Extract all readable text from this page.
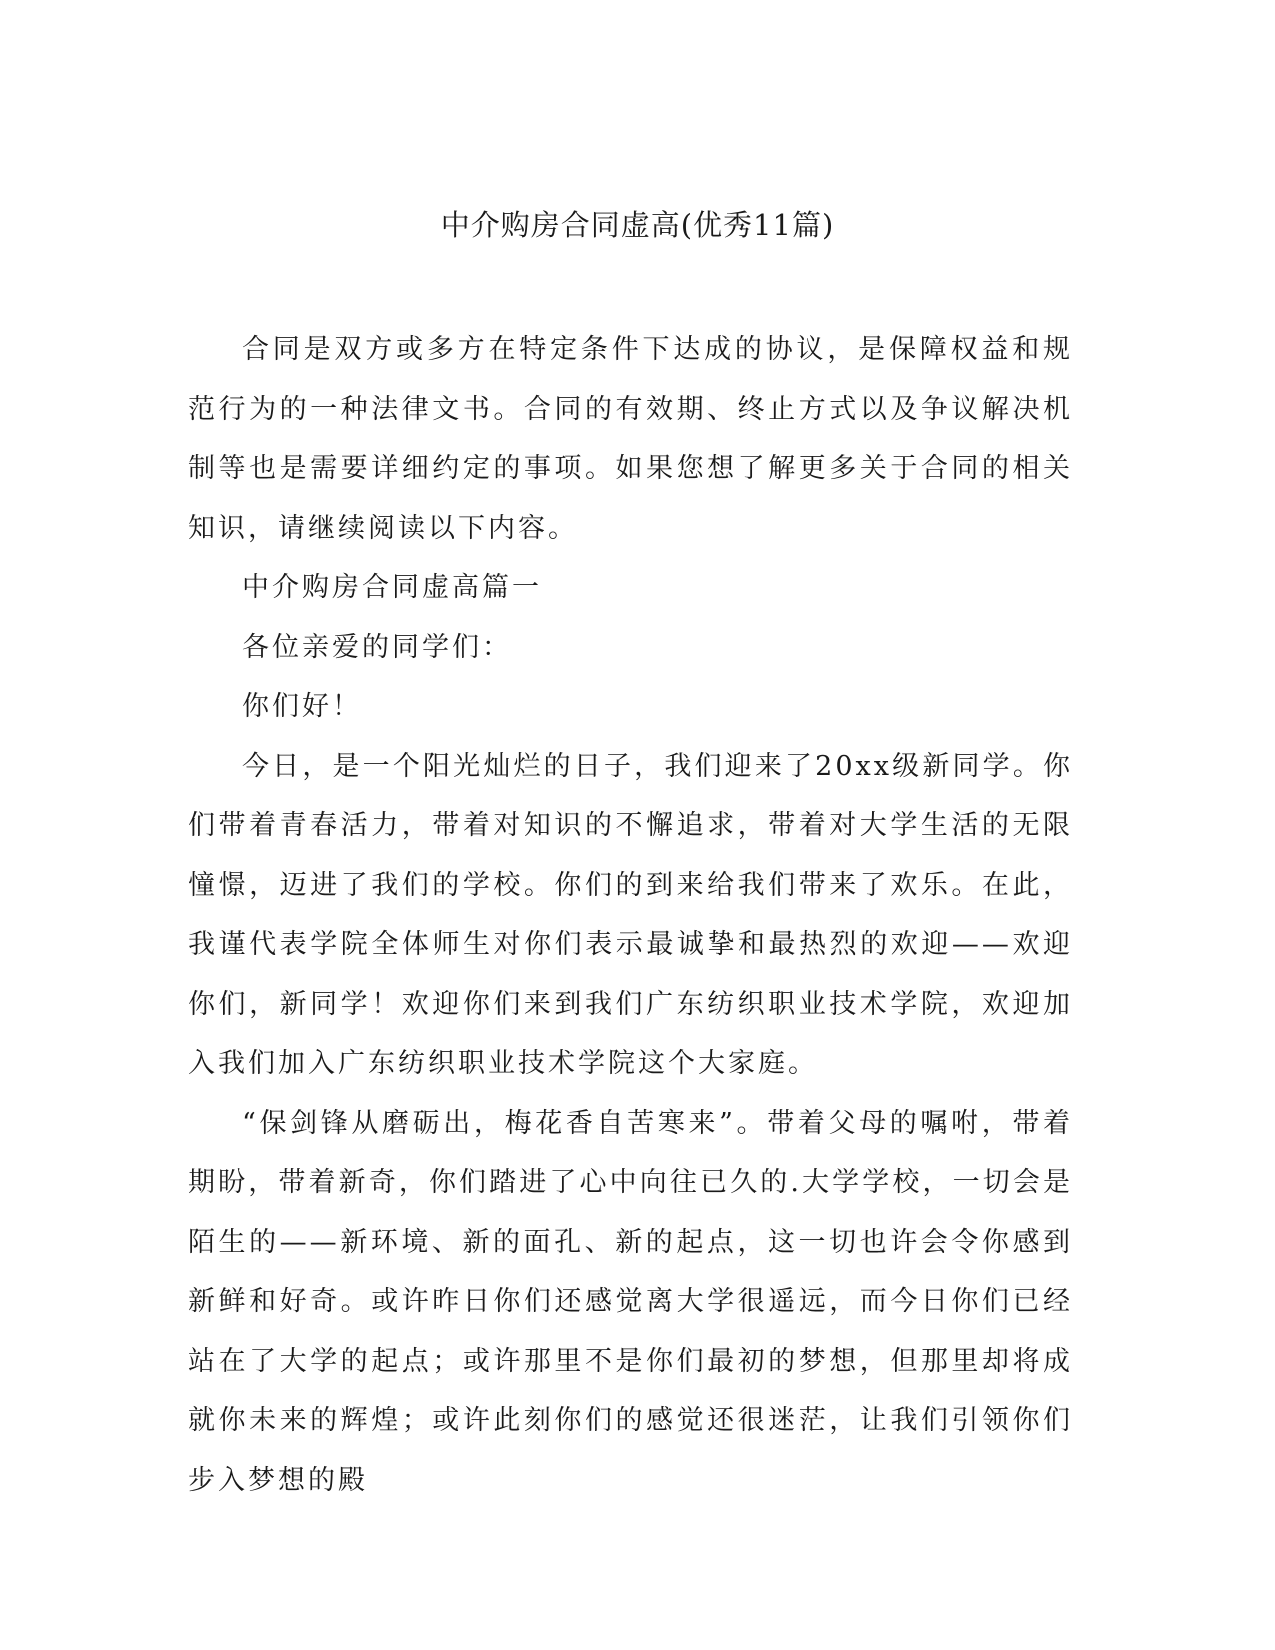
中介购房合同虚高(优秀11篇)

合同是双方或多方在特定条件下达成的协议，是保障权益和规范行为的一种法律文书。合同的有效期、终止方式以及争议解决机制等也是需要详细约定的事项。如果您想了解更多关于合同的相关知识，请继续阅读以下内容。

中介购房合同虚高篇一

各位亲爱的同学们：

你们好！

今日，是一个阳光灿烂的日子，我们迎来了20xx级新同学。你们带着青春活力，带着对知识的不懈追求，带着对大学生活的无限憧憬，迈进了我们的学校。你们的到来给我们带来了欢乐。在此，我谨代表学院全体师生对你们表示最诚挚和最热烈的欢迎——欢迎你们，新同学！欢迎你们来到我们广东纺织职业技术学院，欢迎加入我们加入广东纺织职业技术学院这个大家庭。

“保剑锋从磨砺出，梅花香自苦寒来”。带着父母的嘱咐，带着期盼，带着新奇，你们踏进了心中向往已久的.大学学校，一切会是陌生的——新环境、新的面孔、新的起点，这一切也许会令你感到新鲜和好奇。或许昨日你们还感觉离大学很遥远，而今日你们已经站在了大学的起点；或许那里不是你们最初的梦想，但那里却将成就你未来的辉煌；或许此刻你们的感觉还很迷茫，让我们引领你们步入梦想的殿
